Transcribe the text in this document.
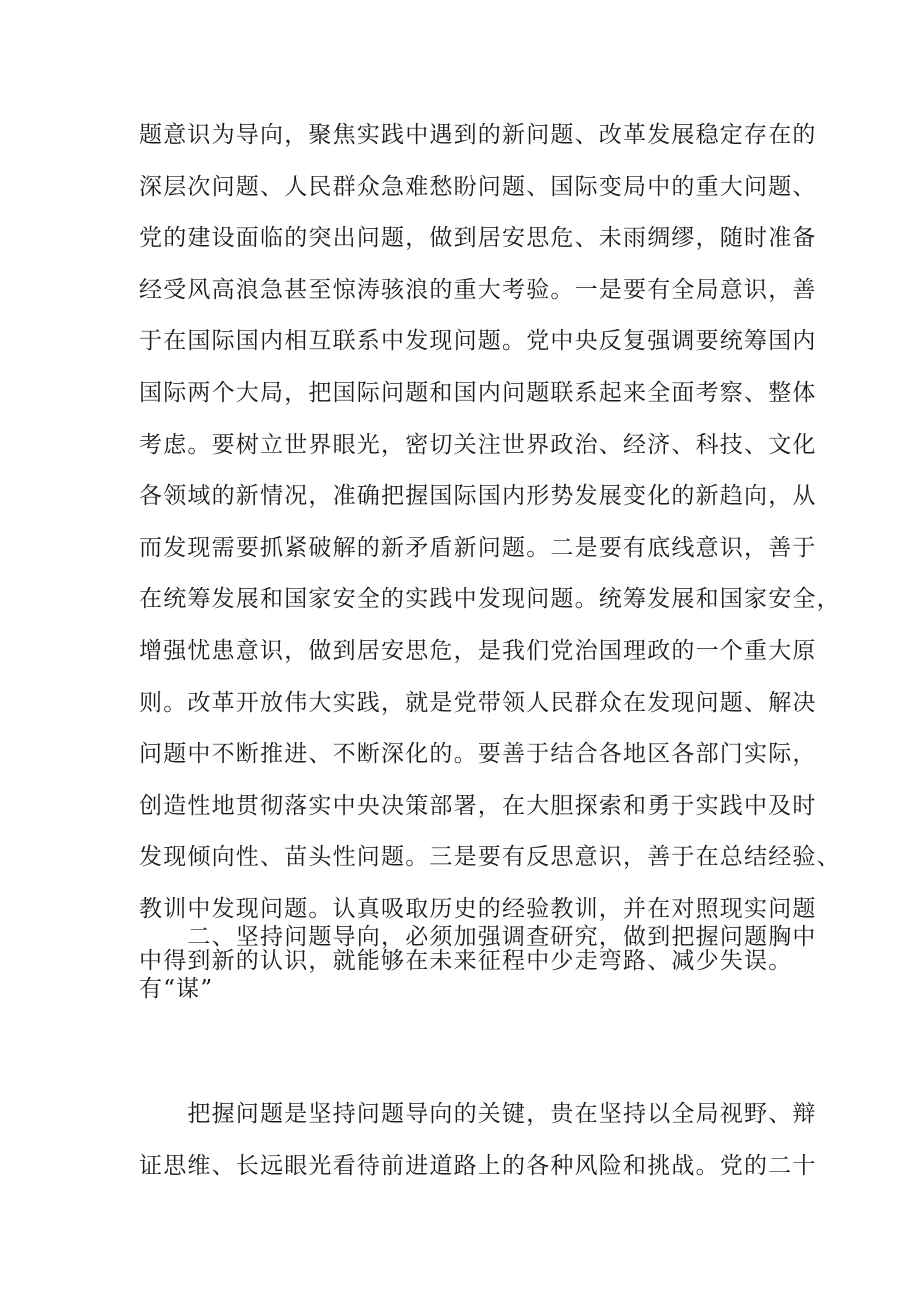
题意识为导向，聚焦实践中遇到的新问题、改革发展稳定存在的
深层次问题、人民群众急难愁盼问题、国际变局中的重大问题、
党的建设面临的突出问题，做到居安思危、未雨绸缪，随时准备
经受风高浪急甚至惊涛骇浪的重大考验。一是要有全局意识，善
于在国际国内相互联系中发现问题。党中央反复强调要统筹国内
国际两个大局，把国际问题和国内问题联系起来全面考察、整体
考虑。要树立世界眼光，密切关注世界政治、经济、科技、文化
各领域的新情况，准确把握国际国内形势发展变化的新趋向，从
而发现需要抓紧破解的新矛盾新问题。二是要有底线意识，善于
在统筹发展和国家安全的实践中发现问题。统筹发展和国家安全，
增强忧患意识，做到居安思危，是我们党治国理政的一个重大原
则。改革开放伟大实践，就是党带领人民群众在发现问题、解决
问题中不断推进、不断深化的。要善于结合各地区各部门实际，
创造性地贯彻落实中央决策部署，在大胆探索和勇于实践中及时
发现倾向性、苗头性问题。三是要有反思意识，善于在总结经验、
教训中发现问题。认真吸取历史的经验教训，并在对照现实问题
中得到新的认识，就能够在未来征程中少走弯路、减少失误。
　　二、坚持问题导向，必须加强调查研究，做到把握问题胸中
有“谋”
　　把握问题是坚持问题导向的关键，贵在坚持以全局视野、辩
证思维、长远眼光看待前进道路上的各种风险和挑战。党的二十
